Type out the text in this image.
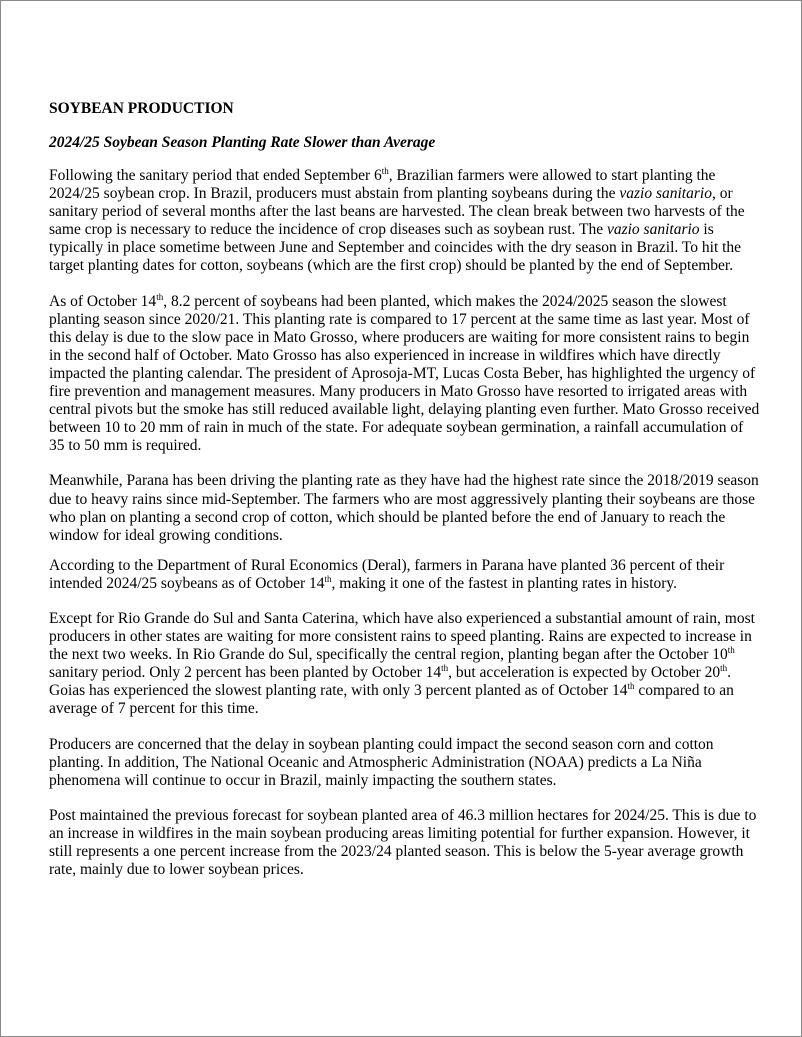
SOYBEAN PRODUCTION
2024/25 Soybean Season Planting Rate Slower than Average

Following the sanitary period that ended September 6th, Brazilian farmers were allowed to start planting the 2024/25 soybean crop. In Brazil, producers must abstain from planting soybeans during the vazio sanitario, or sanitary period of several months after the last beans are harvested. The clean break between two harvests of the same crop is necessary to reduce the incidence of crop diseases such as soybean rust. The vazio sanitario is typically in place sometime between June and September and coincides with the dry season in Brazil. To hit the target planting dates for cotton, soybeans (which are the first crop) should be planted by the end of September.

As of October 14th, 8.2 percent of soybeans had been planted, which makes the 2024/2025 season the slowest planting season since 2020/21. This planting rate is compared to 17 percent at the same time as last year. Most of this delay is due to the slow pace in Mato Grosso, where producers are waiting for more consistent rains to begin in the second half of October. Mato Grosso has also experienced in increase in wildfires which have directly impacted the planting calendar. The president of Aprosoja-MT, Lucas Costa Beber, has highlighted the urgency of fire prevention and management measures. Many producers in Mato Grosso have resorted to irrigated areas with central pivots but the smoke has still reduced available light, delaying planting even further. Mato Grosso received between 10 to 20 mm of rain in much of the state. For adequate soybean germination, a rainfall accumulation of 35 to 50 mm is required.

Meanwhile, Parana has been driving the planting rate as they have had the highest rate since the 2018/2019 season due to heavy rains since mid-September. The farmers who are most aggressively planting their soybeans are those who plan on planting a second crop of cotton, which should be planted before the end of January to reach the window for ideal growing conditions.

According to the Department of Rural Economics (Deral), farmers in Parana have planted 36 percent of their intended 2024/25 soybeans as of October 14th, making it one of the fastest in planting rates in history.

Except for Rio Grande do Sul and Santa Caterina, which have also experienced a substantial amount of rain, most producers in other states are waiting for more consistent rains to speed planting. Rains are expected to increase in the next two weeks. In Rio Grande do Sul, specifically the central region, planting began after the October 10th sanitary period. Only 2 percent has been planted by October 14th, but acceleration is expected by October 20th. Goias has experienced the slowest planting rate, with only 3 percent planted as of October 14th compared to an average of 7 percent for this time.

Producers are concerned that the delay in soybean planting could impact the second season corn and cotton planting. In addition, The National Oceanic and Atmospheric Administration (NOAA) predicts a La Niña phenomena will continue to occur in Brazil, mainly impacting the southern states.

Post maintained the previous forecast for soybean planted area of 46.3 million hectares for 2024/25. This is due to an increase in wildfires in the main soybean producing areas limiting potential for further expansion. However, it still represents a one percent increase from the 2023/24 planted season. This is below the 5-year average growth rate, mainly due to lower soybean prices.
